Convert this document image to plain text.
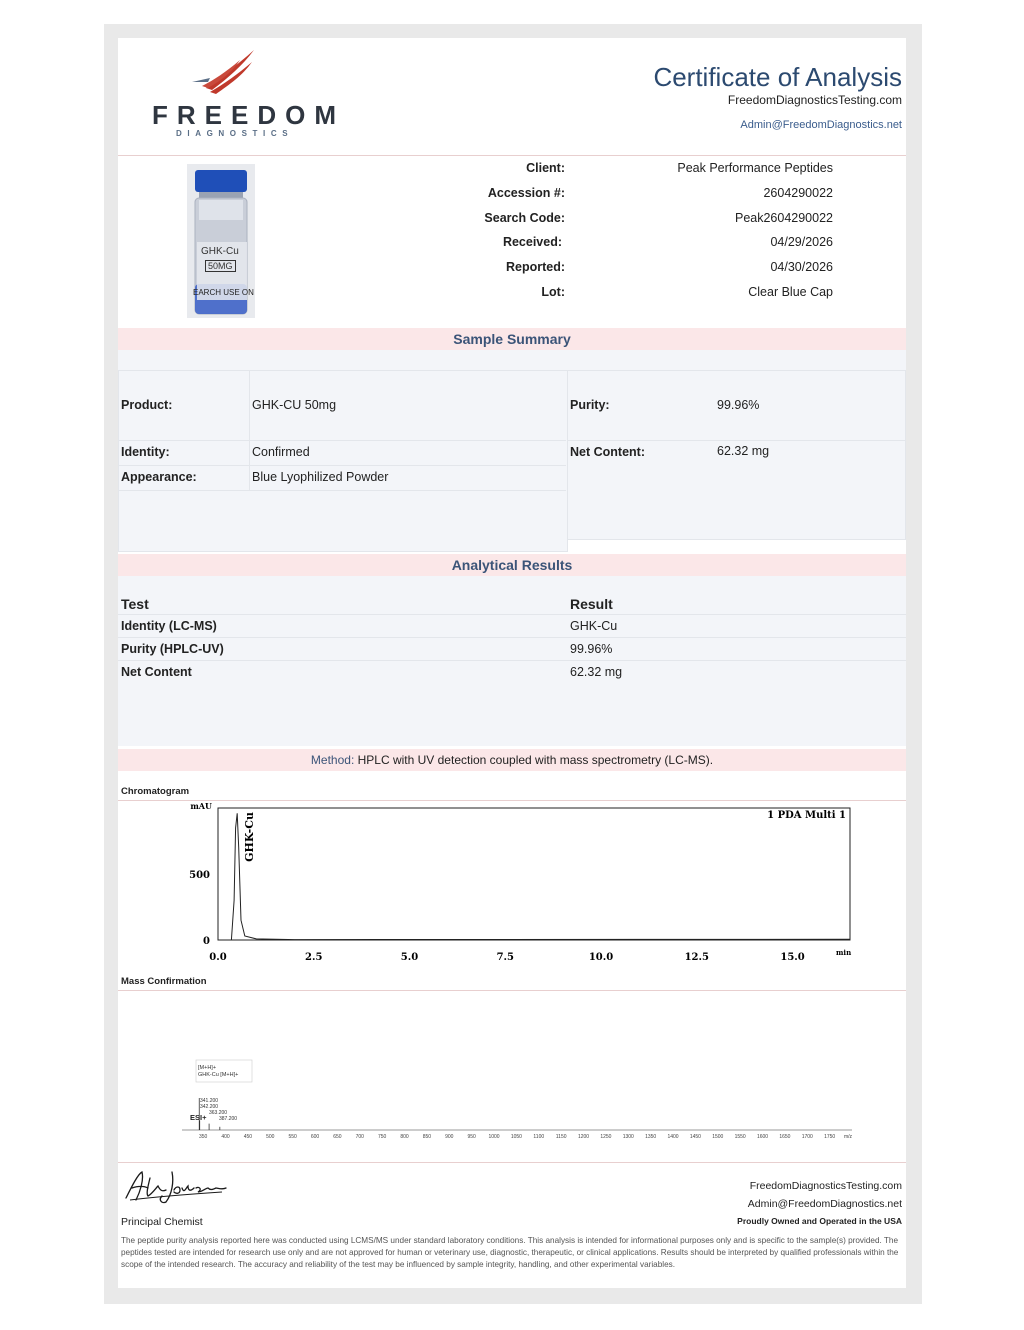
FREEDOM
DIAGNOSTICS
Certificate of Analysis
FreedomDiagnosticsTesting.com
Admin@FreedomDiagnostics.net
GHK-Cu
50MG
EARCH USE ON
Client:	Peak Performance Peptides
Accession #:	2604290022
Search Code:	Peak2604290022
Received:	04/29/2026
Reported:	04/30/2026
Lot:	Clear Blue Cap
Sample Summary
Product:	GHK-CU 50mg
Identity:	Confirmed
Appearance:	Blue Lyophilized Powder
Purity:	99.96%
Net Content:	62.32 mg
Analytical Results
Test	Result
Identity (LC-MS)	GHK-Cu
Purity (HPLC-UV)	99.96%
Net Content	62.32 mg
Method: HPLC with UV detection coupled with mass spectrometry (LC-MS).
Chromatogram
mAU
1 PDA Multi 1
500
0
0.0	2.5	5.0	7.5	10.0	12.5	15.0	min
GHK-Cu
Mass Confirmation
350	400	450	500	550	600	650	700	750	800	850	900	950	1000 1050 1100 1150 1200 1250 1300 1350 1400 1450 1500 1550 1600 1650 1700 1750 m/z
[M+H]+
GHK-Cu [M+H]+
ESI+
341.200
342.200
363.200
387.200
Principal Chemist
FreedomDiagnosticsTesting.com
Admin@FreedomDiagnostics.net
Proudly Owned and Operated in the USA
The peptide purity analysis reported here was conducted using LCMS/MS under standard laboratory conditions. This analysis is intended for informational purposes only and is specific to the sample(s) provided. The peptides tested are intended for research use only and are not approved for human or veterinary use, diagnostic, therapeutic, or clinical applications. Results should be interpreted by qualified professionals within the scope of the intended research. The accuracy and reliability of the test may be influenced by sample integrity, handling, and other experimental variables.
